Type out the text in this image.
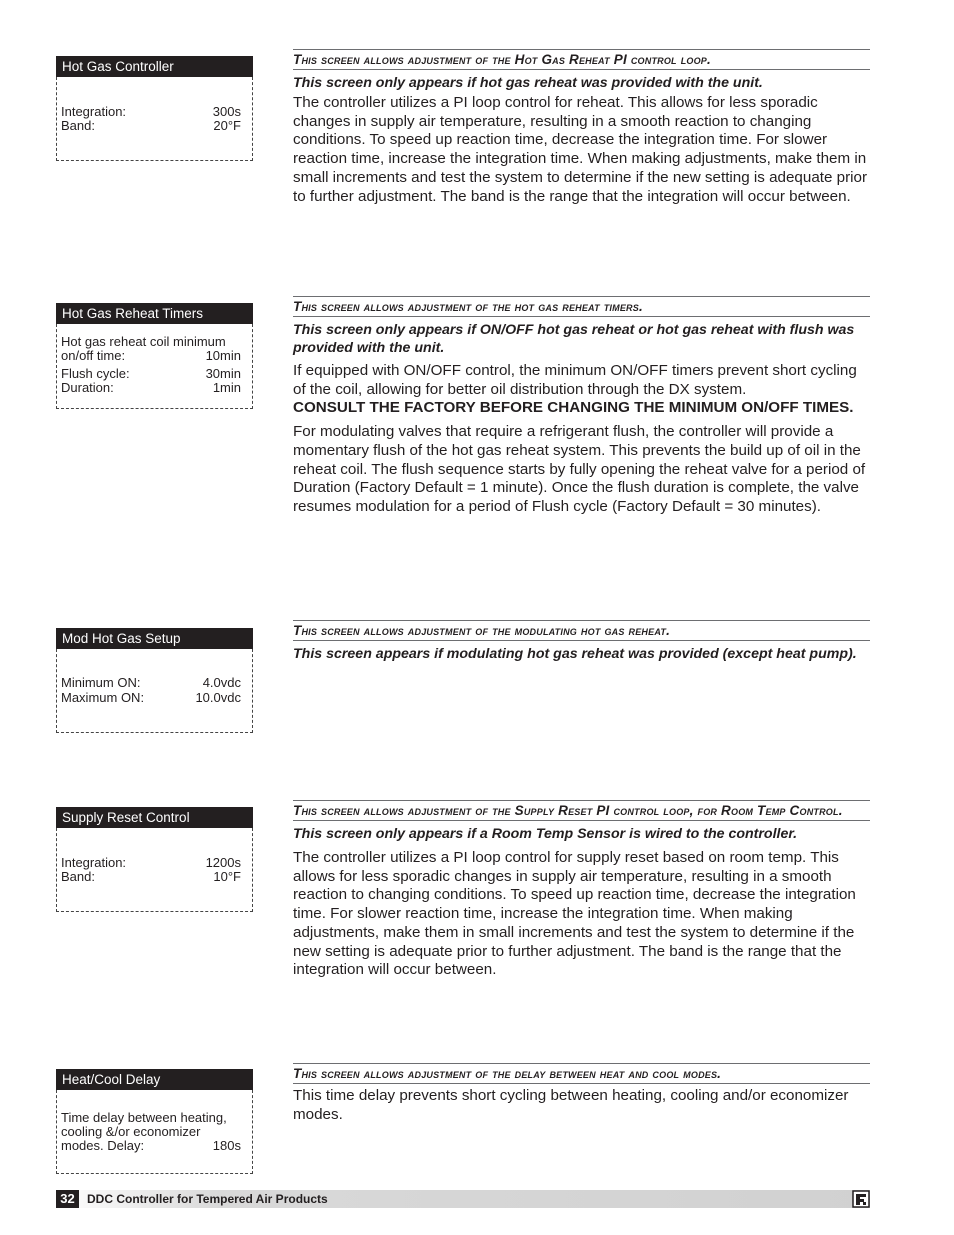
Hot Gas Controller
Integration:	300s
Band:	20°F
Hot Gas Reheat Timers
Hot gas reheat coil minimum
on/off time:	10min
Flush cycle:	30min
Duration:	1min
Mod Hot Gas Setup
Minimum ON:	4.0vdc
Maximum ON:	10.0vdc
Supply Reset Control
Integration:	1200s
Band:	10°F
Heat/Cool Delay
Time delay between heating,
cooling &/or economizer
modes. Delay:	180s
This screen allows adjustment of the Hot Gas Reheat PI control loop.
This screen only appears if hot gas reheat was provided with the unit.
The controller utilizes a PI loop control for reheat. This allows for less sporadic changes in supply air temperature, resulting in a smooth reaction to changing conditions. To speed up reaction time, decrease the integration time. For slower reaction time, increase the integration time. When making adjustments, make them in small increments and test the system to determine if the new setting is adequate prior to further adjustment. The band is the range that the integration will occur between.
This screen allows adjustment of the hot gas reheat timers.
This screen only appears if ON/OFF hot gas reheat or hot gas reheat with flush was provided with the unit.
If equipped with ON/OFF control, the minimum ON/OFF timers prevent short cycling of the coil, allowing for better oil distribution through the DX system.
CONSULT THE FACTORY BEFORE CHANGING THE MINIMUM ON/OFF TIMES.
For modulating valves that require a refrigerant flush, the controller will provide a momentary flush of the hot gas reheat system. This prevents the build up of oil in the reheat coil. The flush sequence starts by fully opening the reheat valve for a period of Duration (Factory Default = 1 minute). Once the flush duration is complete, the valve resumes modulation for a period of Flush cycle (Factory Default = 30 minutes).
This screen allows adjustment of the modulating hot gas reheat.
This screen appears if modulating hot gas reheat was provided (except heat pump).
This screen allows adjustment of the Supply Reset PI control loop, for Room Temp Control.
This screen only appears if a Room Temp Sensor is wired to the controller.
The controller utilizes a PI loop control for supply reset based on room temp. This allows for less sporadic changes in supply air temperature, resulting in a smooth reaction to changing conditions. To speed up reaction time, decrease the integration time. For slower reaction time, increase the integration time. When making adjustments, make them in small increments and test the system to determine if the new setting is adequate prior to further adjustment. The band is the range that the integration will occur between.
This screen allows adjustment of the delay between heat and cool modes.
This time delay prevents short cycling between heating, cooling and/or economizer modes.
32	DDC Controller for Tempered Air Products
